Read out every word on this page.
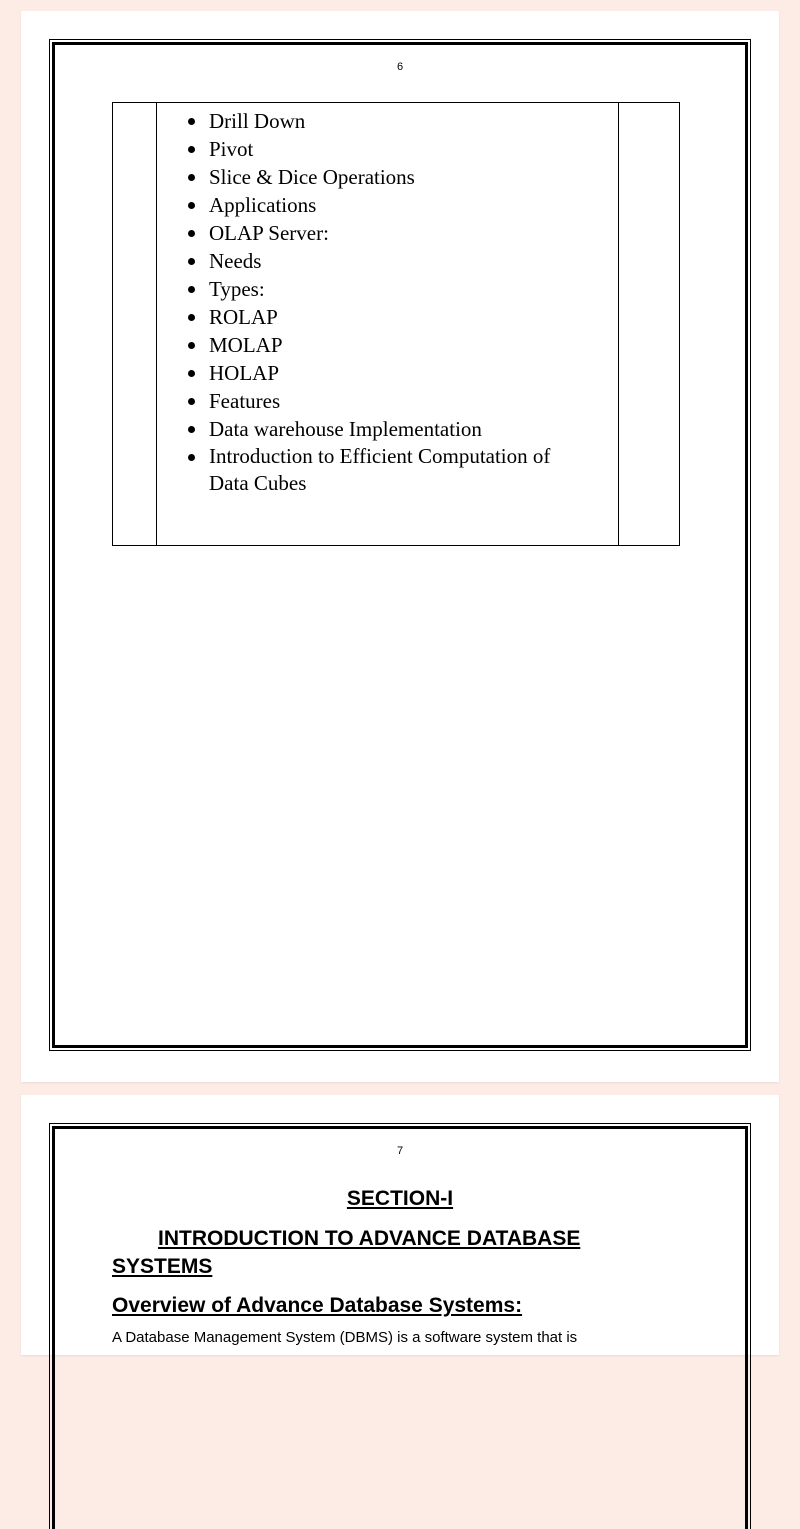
6
Drill Down
Pivot
Slice & Dice Operations
Applications
OLAP Server:
Needs
Types:
ROLAP
MOLAP
HOLAP
Features
Data warehouse Implementation
Introduction to Efficient Computation of Data Cubes
7
SECTION-I
INTRODUCTION TO ADVANCE DATABASE SYSTEMS
Overview of Advance Database Systems:
A Database Management System (DBMS) is a software system that is
